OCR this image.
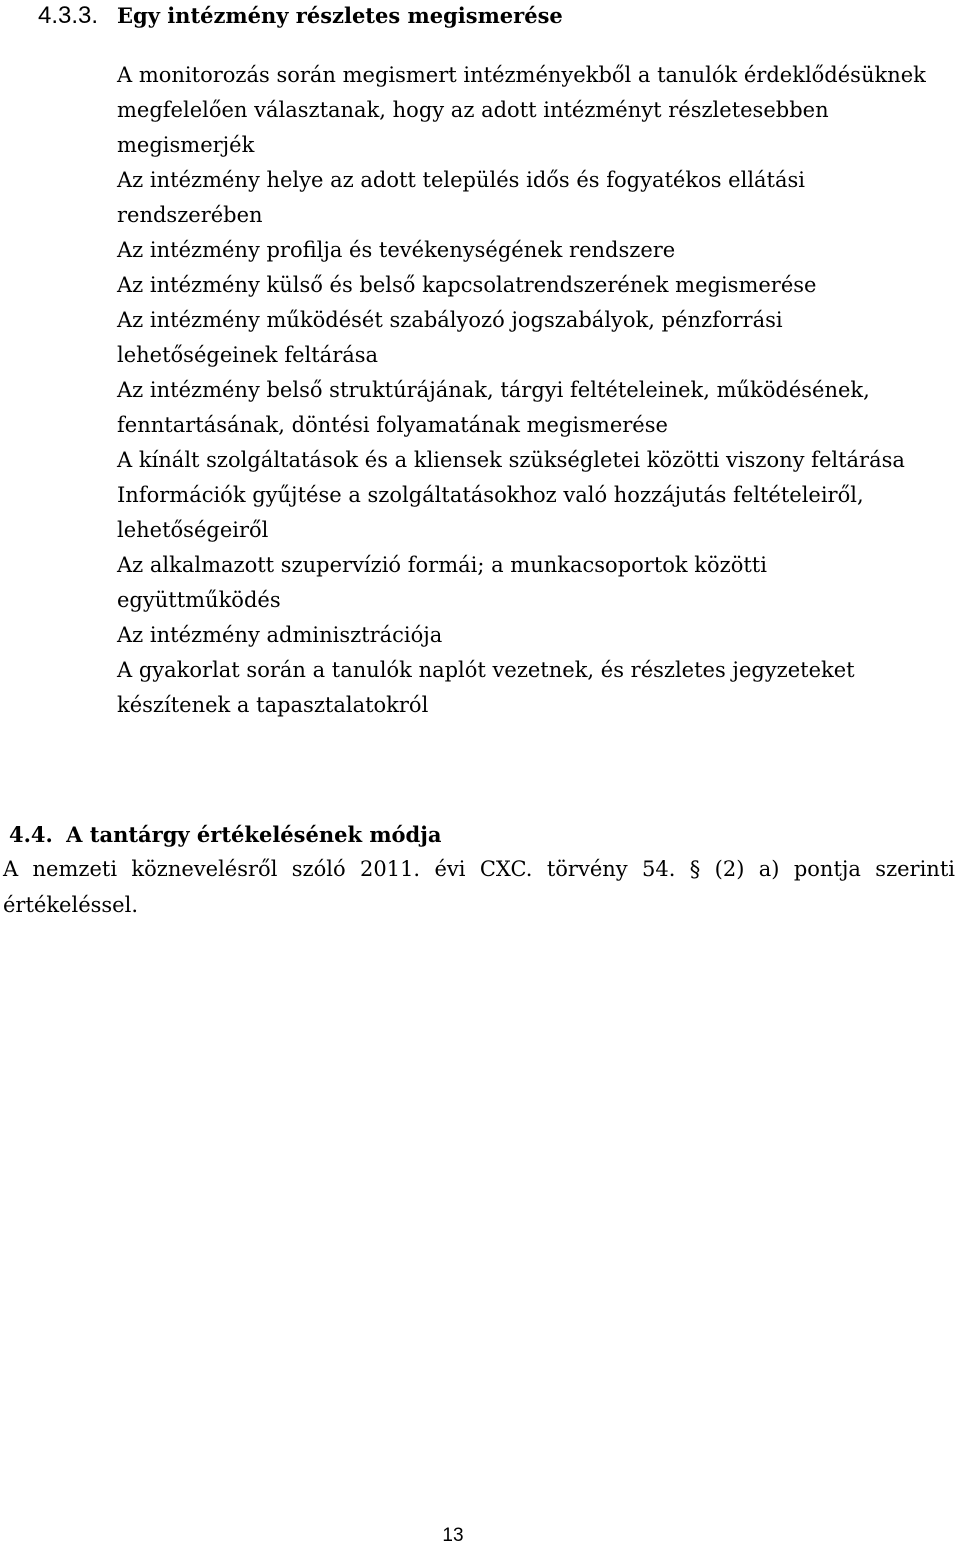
4.3.3. Egy intézmény részletes megismerése
A monitorozás során megismert intézményekből a tanulók érdeklődésüknek megfelelően választanak, hogy az adott intézményt részletesebben megismerjék
Az intézmény helye az adott település idős és fogyatékos ellátási rendszerében
Az intézmény profilja és tevékenységének rendszere
Az intézmény külső és belső kapcsolatrendszerének megismerése
Az intézmény működését szabályozó jogszabályok, pénzforrási lehetőségeinek feltárása
Az intézmény belső struktúrájának, tárgyi feltételeinek, működésének, fenntartásának, döntési folyamatának megismerése
A kínált szolgáltatások és a kliensek szükségletei közötti viszony feltárása
Információk gyűjtése a szolgáltatásokhoz való hozzájutás feltételeiről, lehetőségeiről
Az alkalmazott szupervízió formái; a munkacsoportok közötti együttműködés
Az intézmény adminisztrációja
A gyakorlat során a tanulók naplót vezetnek, és részletes jegyzeteket készítenek a tapasztalatokról
4.4. A tantárgy értékelésének módja

A nemzeti köznevelésről szóló 2011. évi CXC. törvény 54. § (2) a) pontja szerinti értékeléssel.

13
